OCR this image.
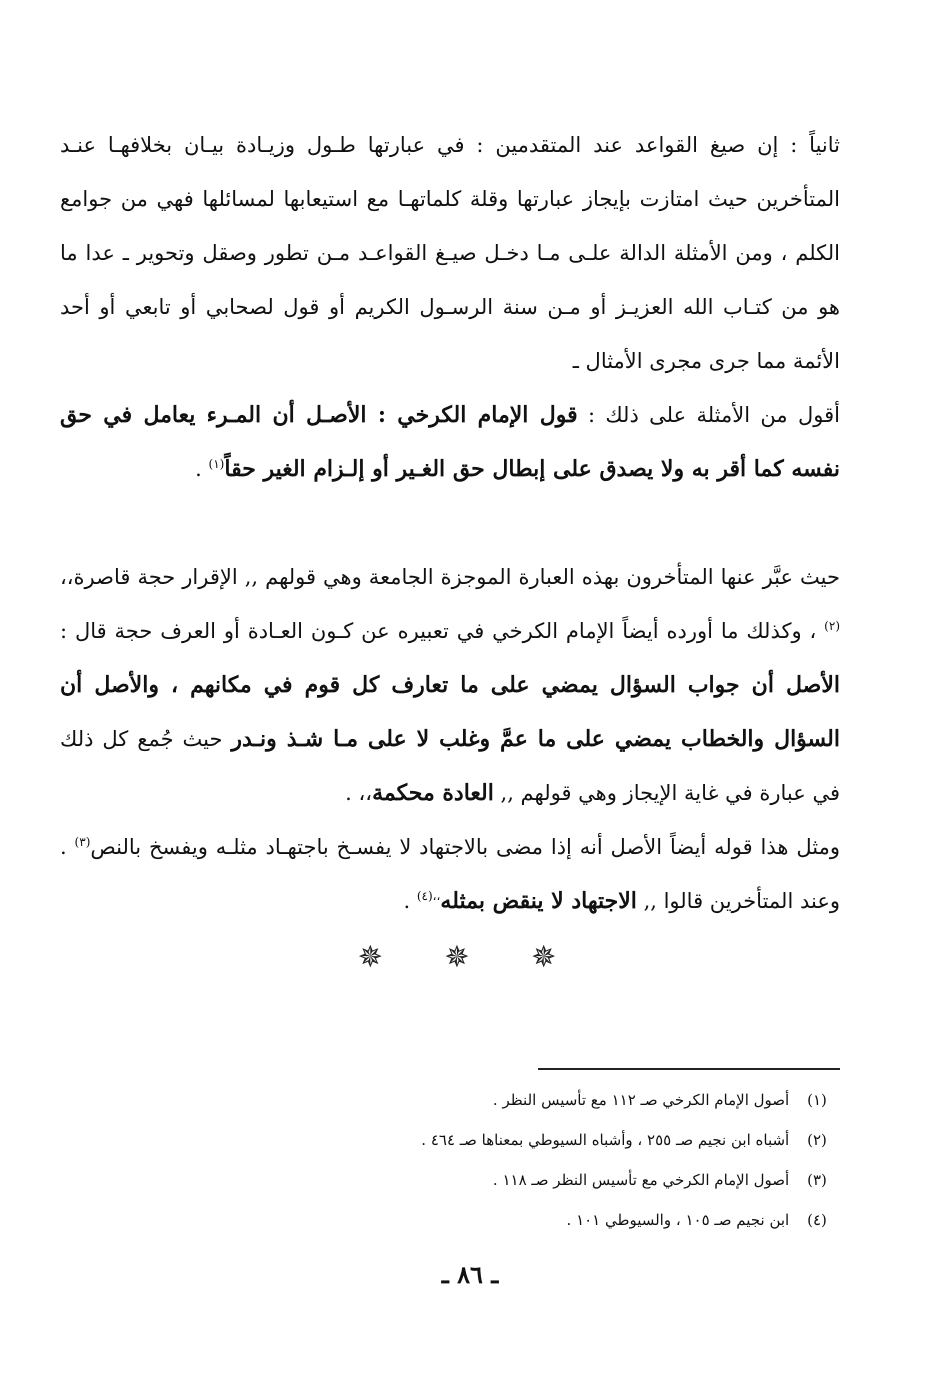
ثانياً : إن صيغ القواعد عند المتقدمين : في عبارتها طـول وزيـادة بيـان بخلافهـا عنـد المتأخرين حيث امتازت بإيجاز عبارتها وقلة كلماتهـا مع استيعابها لمسائلها فهي من جوامع الكلم ، ومن الأمثلة الدالة علـى مـا دخـل صيـغ القواعـد مـن تطور وصقل وتحوير ـ عدا ما هو من كتـاب الله العزيـز أو مـن سنة الرسـول الكريم أو قول لصحابي أو تابعي أو أحد الأئمة مما جرى مجرى الأمثال ـ

أقول من الأمثلة على ذلك : قول الإمام الكرخي : الأصـل أن المـرء يعامل في حق نفسه كما أقر به ولا يصدق على إبطال حق الغـير أو إلـزام الغير حقاً$^{(١)}$ .

حيث عبَّر عنها المتأخرون بهذه العبارة الموجزة الجامعة وهي قولهم ,, الإقرار حجة قاصرة،،$^{(٢)}$ ، وكذلك ما أورده أيضاً الإمام الكرخي في تعبيره عن كـون العـادة أو العرف حجة قال : الأصل أن جواب السؤال يمضي على ما تعارف كل قوم في مكانهم ، والأصل أن السؤال والخطاب يمضي على ما عمَّ وغلب لا على مـا شـذ ونـدر حيث جُمع كل ذلك في عبارة في غاية الإيجاز وهي قولهم ,, العادة محكمة،، .

ومثل هذا قوله أيضاً الأصل أنه إذا مضى بالاجتهاد لا يفسـخ باجتهـاد مثلـه ويفسخ بالنص$^{(٣)}$ . وعند المتأخرين قالوا ,, الاجتهاد لا ينقض بمثله$^{،،(٤)}$ .

✵ ✵ ✵

(١) أصول الإمام الكرخي صـ ١١٢ مع تأسيس النظر .

(٢) أشباه ابن نجيم صـ ٢٥٥ ، وأشباه السيوطي بمعناها صـ ٤٦٤ .

(٣) أصول الإمام الكرخي مع تأسيس النظر صـ ١١٨ .

(٤) ابن نجيم صـ ١٠٥ ، والسيوطي ١٠١ .

ـ ٨٦ ـ
